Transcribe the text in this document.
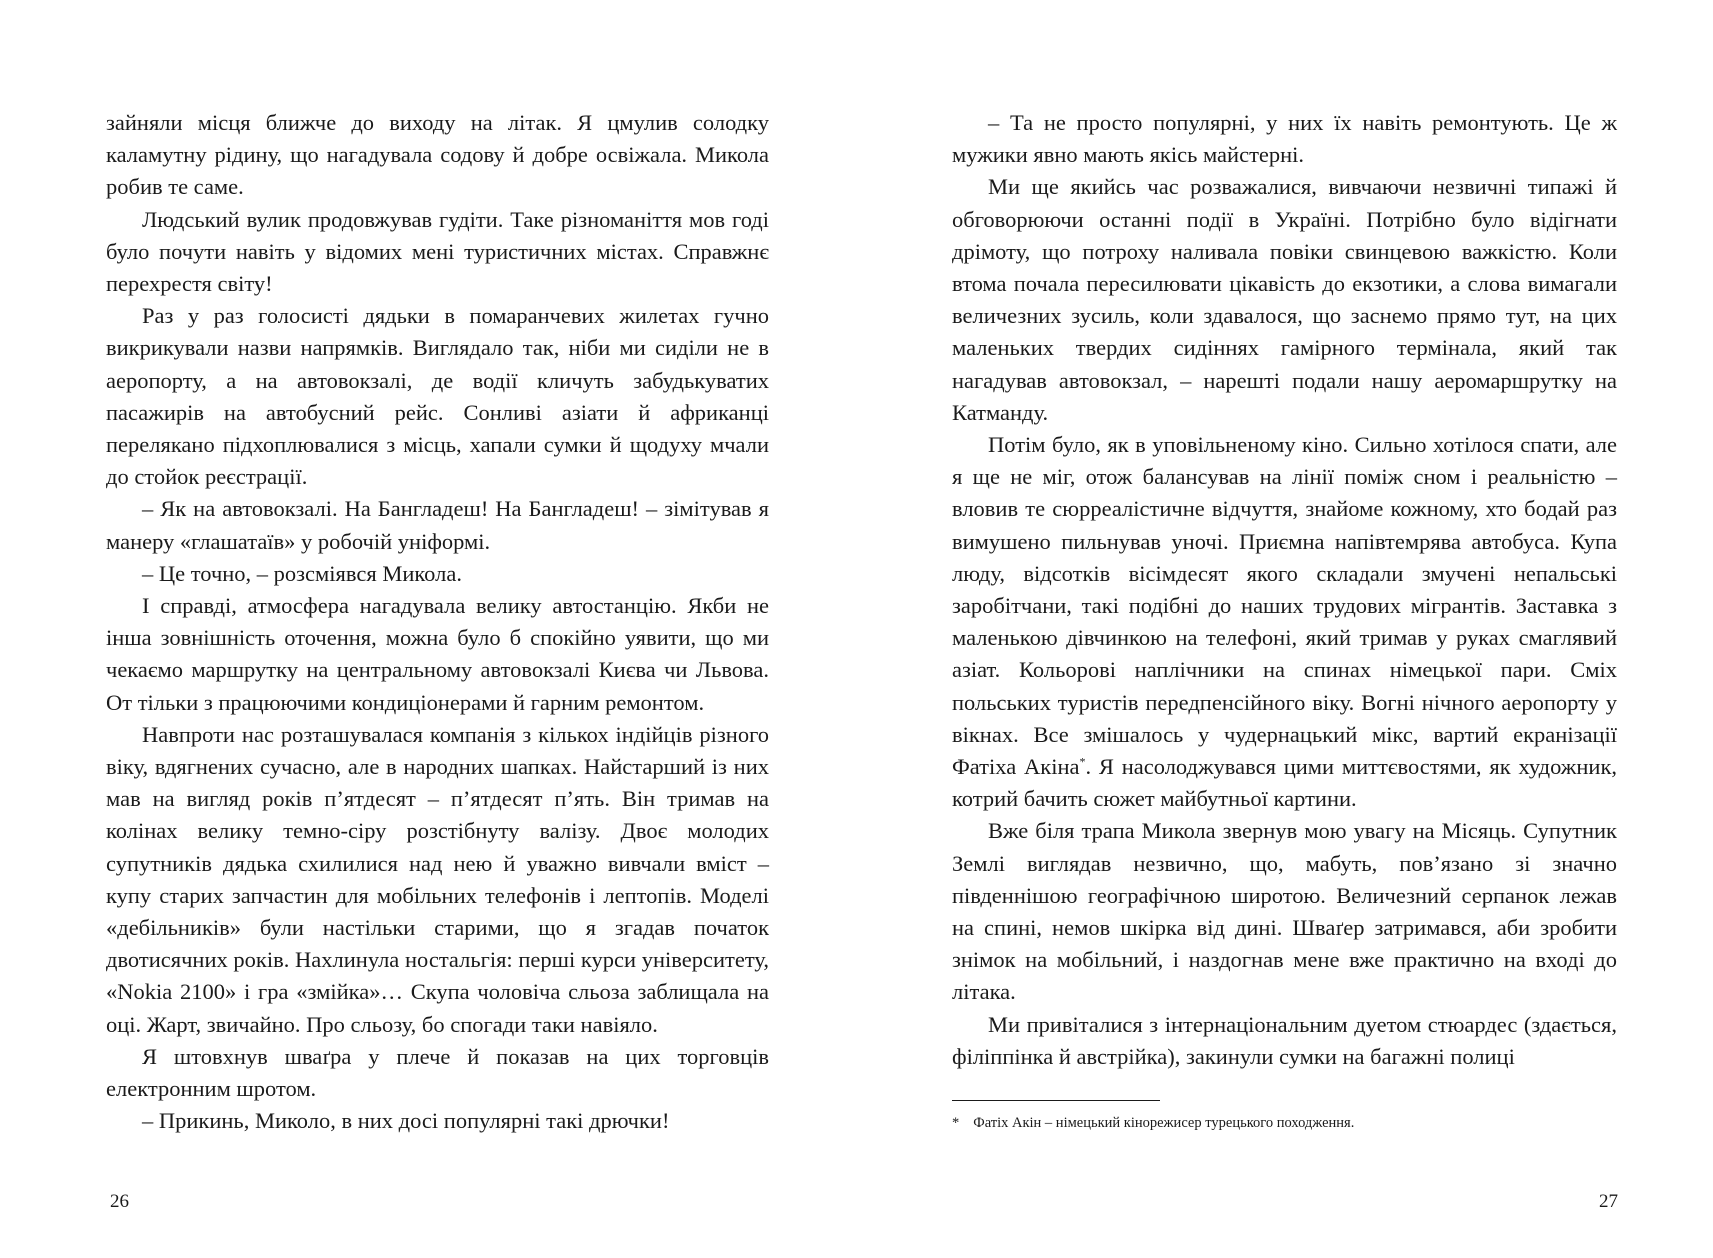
зайняли місця ближче до виходу на літак. Я цмулив солодку каламутну рідину, що нагадувала содову й добре освіжала. Микола робив те саме.

Людський вулик продовжував гудіти. Таке різноманіття мов годі було почути навіть у відомих мені туристичних містах. Справжнє перехрестя світу!

Раз у раз голосисті дядьки в помаранчевих жилетах гучно викрикували назви напрямків. Виглядало так, ніби ми сиділи не в аеропорту, а на автовокзалі, де водії кличуть забудькуватих пасажирів на автобусний рейс. Сонливі азіати й африканці перелякано підхоплювалися з місць, хапали сумки й щодуху мчали до стойок реєстрації.

– Як на автовокзалі. На Бангладеш! На Бангладеш! – зімітував я манеру «глашатаїв» у робочій уніформі.

– Це точно, – розсміявся Микола.

І справді, атмосфера нагадувала велику автостанцію. Якби не інша зовнішність оточення, можна було б спокійно уявити, що ми чекаємо маршрутку на центральному автовокзалі Києва чи Львова. От тільки з працюючими кондиціонерами й гарним ремонтом.

Навпроти нас розташувалася компанія з кількох індійців різного віку, вдягнених сучасно, але в народних шапках. Найстарший із них мав на вигляд років п’ятдесят – п’ятдесят п’ять. Він тримав на колінах велику темно-сіру розстібнуту валізу. Двоє молодих супутників дядька схилилися над нею й уважно вивчали вміст – купу старих запчастин для мобільних телефонів і лептопів. Моделі «дебільників» були настільки старими, що я згадав початок двотисячних років. Нахлинула ностальгія: перші курси університету, «Nokia 2100» і гра «змійка»… Скупа чоловіча сльоза заблищала на оці. Жарт, звичайно. Про сльозу, бо спогади таки навіяло.

Я штовхнув шваґра у плече й показав на цих торговців електронним шротом.

– Прикинь, Миколо, в них досі популярні такі дрючки!

26

– Та не просто популярні, у них їх навіть ремонтують. Це ж мужики явно мають якісь майстерні.

Ми ще якийсь час розважалися, вивчаючи незвичні типажі й обговорюючи останні події в Україні. Потрібно було відігнати дрімоту, що потроху наливала повіки свинцевою важкістю. Коли втома почала пересилювати цікавість до екзотики, а слова вимагали величезних зусиль, коли здавалося, що заснемо прямо тут, на цих маленьких твердих сидіннях гамірного термінала, який так нагадував автовокзал, – нарешті подали нашу аеромаршрутку на Катманду.

Потім було, як в уповільненому кіно. Сильно хотілося спати, але я ще не міг, отож балансував на лінії поміж сном і реальністю – вловив те сюрреалістичне відчуття, знайоме кожному, хто бодай раз вимушено пильнував уночі. Приємна напівтемрява автобуса. Купа люду, відсотків вісімдесят якого складали змучені непальські заробітчани, такі подібні до наших трудових мігрантів. Заставка з маленькою дівчинкою на телефоні, який тримав у руках смаглявий азіат. Кольорові наплічники на спинах німецької пари. Сміх польських туристів передпенсійного віку. Вогні нічного аеропорту у вікнах. Все змішалось у чудернацький мікс, вартий екранізації Фатіха Акіна*. Я насолоджувався цими миттєвостями, як художник, котрий бачить сюжет майбутньої картини.

Вже біля трапа Микола звернув мою увагу на Місяць. Супутник Землі виглядав незвично, що, мабуть, пов’язано зі значно південнішою географічною широтою. Величезний серпанок лежав на спині, немов шкірка від дині. Шваґер затримався, аби зробити знімок на мобільний, і наздогнав мене вже практично на вході до літака.

Ми привіталися з інтернаціональним дуетом стюардес (здається, філіппінка й австрійка), закинули сумки на багажні полиці

* Фатіх Акін – німецький кінорежисер турецького походження.
27
